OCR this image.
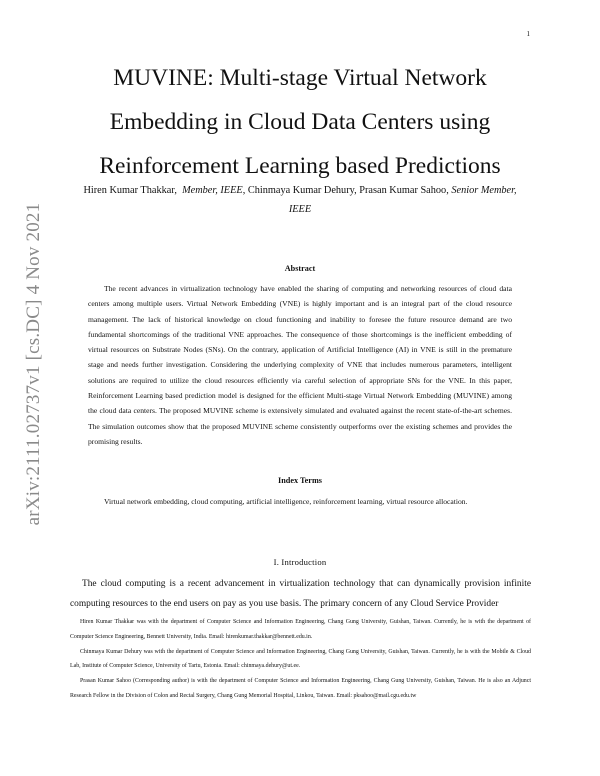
1
arXiv:2111.02737v1 [cs.DC] 4 Nov 2021
MUVINE: Multi-stage Virtual Network Embedding in Cloud Data Centers using Reinforcement Learning based Predictions
Hiren Kumar Thakkar, Member, IEEE, Chinmaya Kumar Dehury, Prasan Kumar Sahoo, Senior Member, IEEE
Abstract

The recent advances in virtualization technology have enabled the sharing of computing and networking resources of cloud data centers among multiple users. Virtual Network Embedding (VNE) is highly important and is an integral part of the cloud resource management. The lack of historical knowledge on cloud functioning and inability to foresee the future resource demand are two fundamental shortcomings of the traditional VNE approaches. The consequence of those shortcomings is the inefficient embedding of virtual resources on Substrate Nodes (SNs). On the contrary, application of Artificial Intelligence (AI) in VNE is still in the premature stage and needs further investigation. Considering the underlying complexity of VNE that includes numerous parameters, intelligent solutions are required to utilize the cloud resources efficiently via careful selection of appropriate SNs for the VNE. In this paper, Reinforcement Learning based prediction model is designed for the efficient Multi-stage Virtual Network Embedding (MUVINE) among the cloud data centers. The proposed MUVINE scheme is extensively simulated and evaluated against the recent state-of-the-art schemes. The simulation outcomes show that the proposed MUVINE scheme consistently outperforms over the existing schemes and provides the promising results.

Index Terms

Virtual network embedding, cloud computing, artificial intelligence, reinforcement learning, virtual resource allocation.

I. Introduction

The cloud computing is a recent advancement in virtualization technology that can dynamically provision infinite computing resources to the end users on pay as you use basis. The primary concern of any Cloud Service Provider

Hiren Kumar Thakkar was with the department of Computer Science and Information Engineering, Chang Gung University, Guishan, Taiwan. Currently, he is with the department of Computer Science Engineering, Bennett University, India. Email: hirenkumar.thakkar@bennett.edu.in.

Chinmaya Kumar Dehury was with the department of Computer Science and Information Engineering, Chang Gung University, Guishan, Taiwan. Currently, he is with the Mobile & Cloud Lab, Institute of Computer Science, University of Tartu, Estonia. Email: chinmaya.dehury@ut.ee.

Prasan Kumar Sahoo (Corresponding author) is with the department of Computer Science and Information Engineering, Chang Gung University, Guishan, Taiwan. He is also an Adjunct Research Fellow in the Division of Colon and Rectal Surgery, Chang Gung Memorial Hospital, Linkou, Taiwan. Email: pksahoo@mail.cgu.edu.tw
